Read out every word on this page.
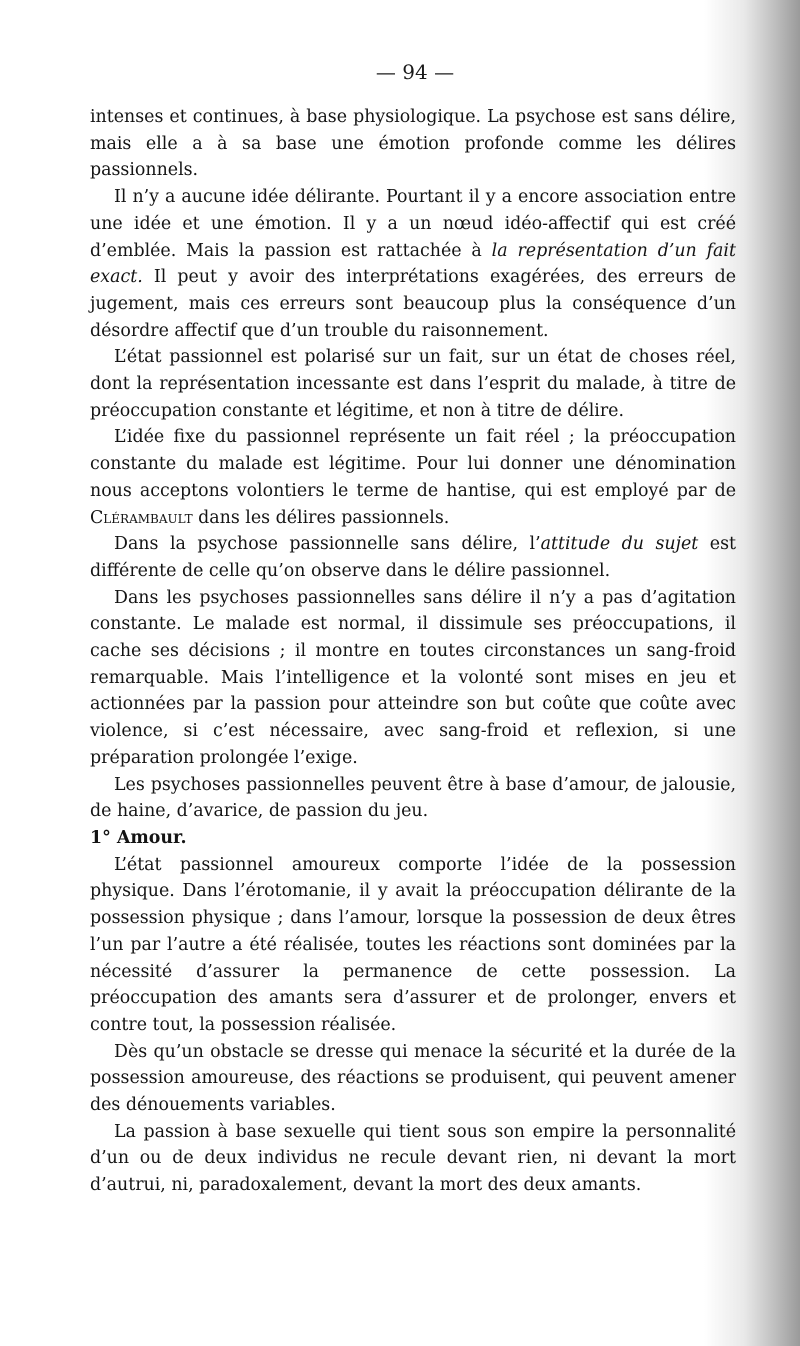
— 94 —

intenses et continues, à base physiologique. La psychose est sans délire, mais elle a à sa base une émotion profonde comme les délires passionnels.

Il n’y a aucune idée délirante. Pourtant il y a encore association entre une idée et une émotion. Il y a un nœud idéo-affectif qui est créé d’emblée. Mais la passion est rattachée à la représentation d’un fait exact. Il peut y avoir des interprétations exagérées, des erreurs de jugement, mais ces erreurs sont beaucoup plus la conséquence d’un désordre affectif que d’un trouble du raisonnement.

L’état passionnel est polarisé sur un fait, sur un état de choses réel, dont la représentation incessante est dans l’esprit du malade, à titre de préoccupation constante et légitime, et non à titre de délire.

L’idée fixe du passionnel représente un fait réel ; la préoccupation constante du malade est légitime. Pour lui donner une dénomination nous acceptons volontiers le terme de hantise, qui est employé par de Clérambault dans les délires passionnels.

Dans la psychose passionnelle sans délire, l’attitude du sujet est différente de celle qu’on observe dans le délire passionnel.

Dans les psychoses passionnelles sans délire il n’y a pas d’agitation constante. Le malade est normal, il dissimule ses préoccupations, il cache ses décisions ; il montre en toutes circonstances un sang-froid remarquable. Mais l’intelligence et la volonté sont mises en jeu et actionnées par la passion pour atteindre son but coûte que coûte avec violence, si c’est nécessaire, avec sang-froid et reflexion, si une préparation prolongée l’exige.

Les psychoses passionnelles peuvent être à base d’amour, de jalousie, de haine, d’avarice, de passion du jeu.

1° Amour.

L’état passionnel amoureux comporte l’idée de la possession physique. Dans l’érotomanie, il y avait la préoccupation délirante de la possession physique ; dans l’amour, lorsque la possession de deux êtres l’un par l’autre a été réalisée, toutes les réactions sont dominées par la nécessité d’assurer la permanence de cette possession. La préoccupation des amants sera d’assurer et de prolonger, envers et contre tout, la possession réalisée.

Dès qu’un obstacle se dresse qui menace la sécurité et la durée de la possession amoureuse, des réactions se produisent, qui peuvent amener des dénouements variables.

La passion à base sexuelle qui tient sous son empire la personnalité d’un ou de deux individus ne recule devant rien, ni devant la mort d’autrui, ni, paradoxalement, devant la mort des deux amants.
